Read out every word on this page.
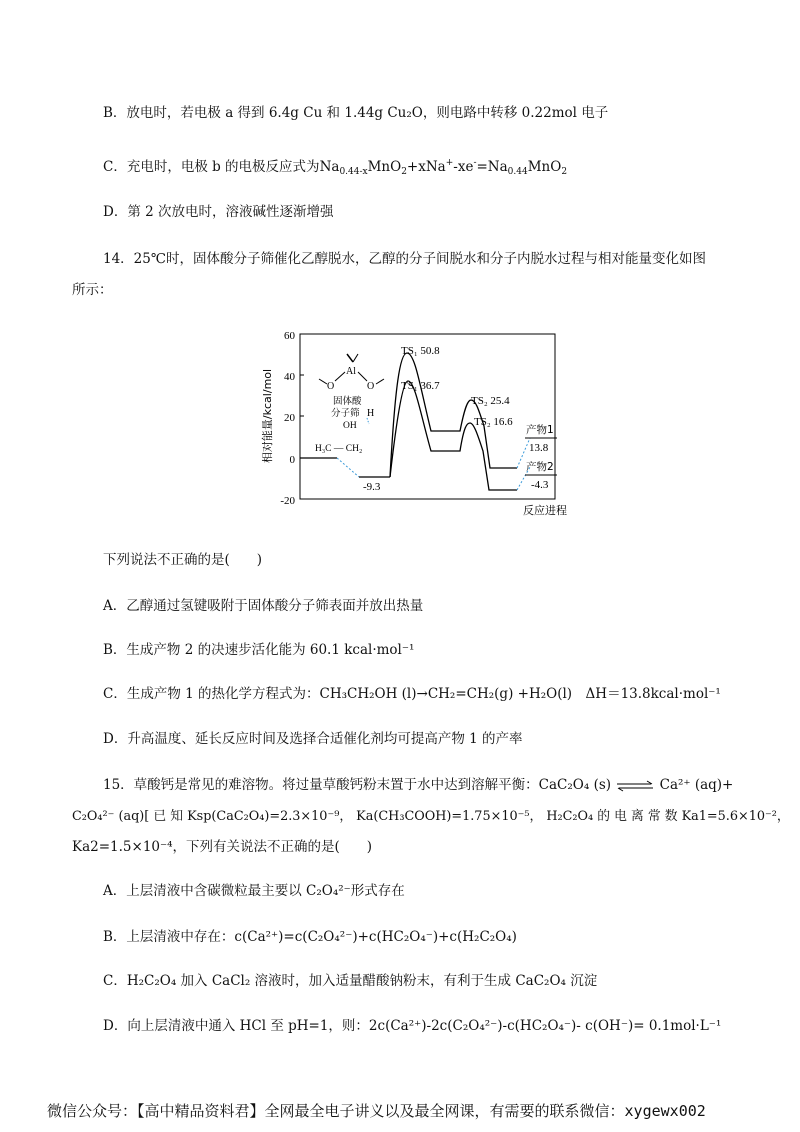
B．放电时，若电极 a 得到 6.4g Cu 和 1.44g Cu₂O，则电路中转移 0.22mol 电子
C．充电时，电极 b 的电极反应式为$Na_{0.44-x}MnO_2+xNa^+-xe^-=Na_{0.44}MnO_2$
D．第 2 次放电时，溶液碱性逐渐增强
14．25℃时，固体酸分子筛催化乙醇脱水，乙醇的分子间脱水和分子内脱水过程与相对能量变化如图
所示：
60
40
20
0
-20
相对能量/kcal/mol
反应进程
-9.3
TS₁ 50.8
TS₁ 36.7
TS₂ 25.4
TS₂ 16.6
产物1
13.8
产物2
-4.3
Al
O	O
固体酸
分子筛 H
OH
H₃C — CH₂
下列说法不正确的是(　　)
A．乙醇通过氢键吸附于固体酸分子筛表面并放出热量
B．生成产物 2 的决速步活化能为 60.1 kcal·mol⁻¹
C．生成产物 1 的热化学方程式为：CH₃CH₂OH (l)→CH₂=CH₂(g) +H₂O(l)　ΔH＝13.8kcal·mol⁻¹
D．升高温度、延长反应时间及选择合适催化剂均可提高产物 1 的产率
15．草酸钙是常见的难溶物。将过量草酸钙粉末置于水中达到溶解平衡：CaC₂O₄ (s) ⇌ Ca²⁺ (aq)+
C₂O₄²⁻ (aq)[ 已 知 Ksp(CaC₂O₄)=2.3×10⁻⁹， Ka(CH₃COOH)=1.75×10⁻⁵， H₂C₂O₄ 的 电 离 常 数 Ka1=5.6×10⁻²，
Ka2=1.5×10⁻⁴，下列有关说法不正确的是(　　)
A．上层清液中含碳微粒最主要以 C₂O₄²⁻形式存在
B．上层清液中存在：c(Ca²⁺)=c(C₂O₄²⁻)+c(HC₂O₄⁻)+c(H₂C₂O₄)
C．H₂C₂O₄ 加入 CaCl₂ 溶液时，加入适量醋酸钠粉末，有利于生成 CaC₂O₄ 沉淀
D．向上层清液中通入 HCl 至 pH=1，则：2c(Ca²⁺)-2c(C₂O₄²⁻)-c(HC₂O₄⁻)- c(OH⁻)= 0.1mol·L⁻¹
微信公众号：【高中精品资料君】全网最全电子讲义以及最全网课，有需要的联系微信：xygewx002
